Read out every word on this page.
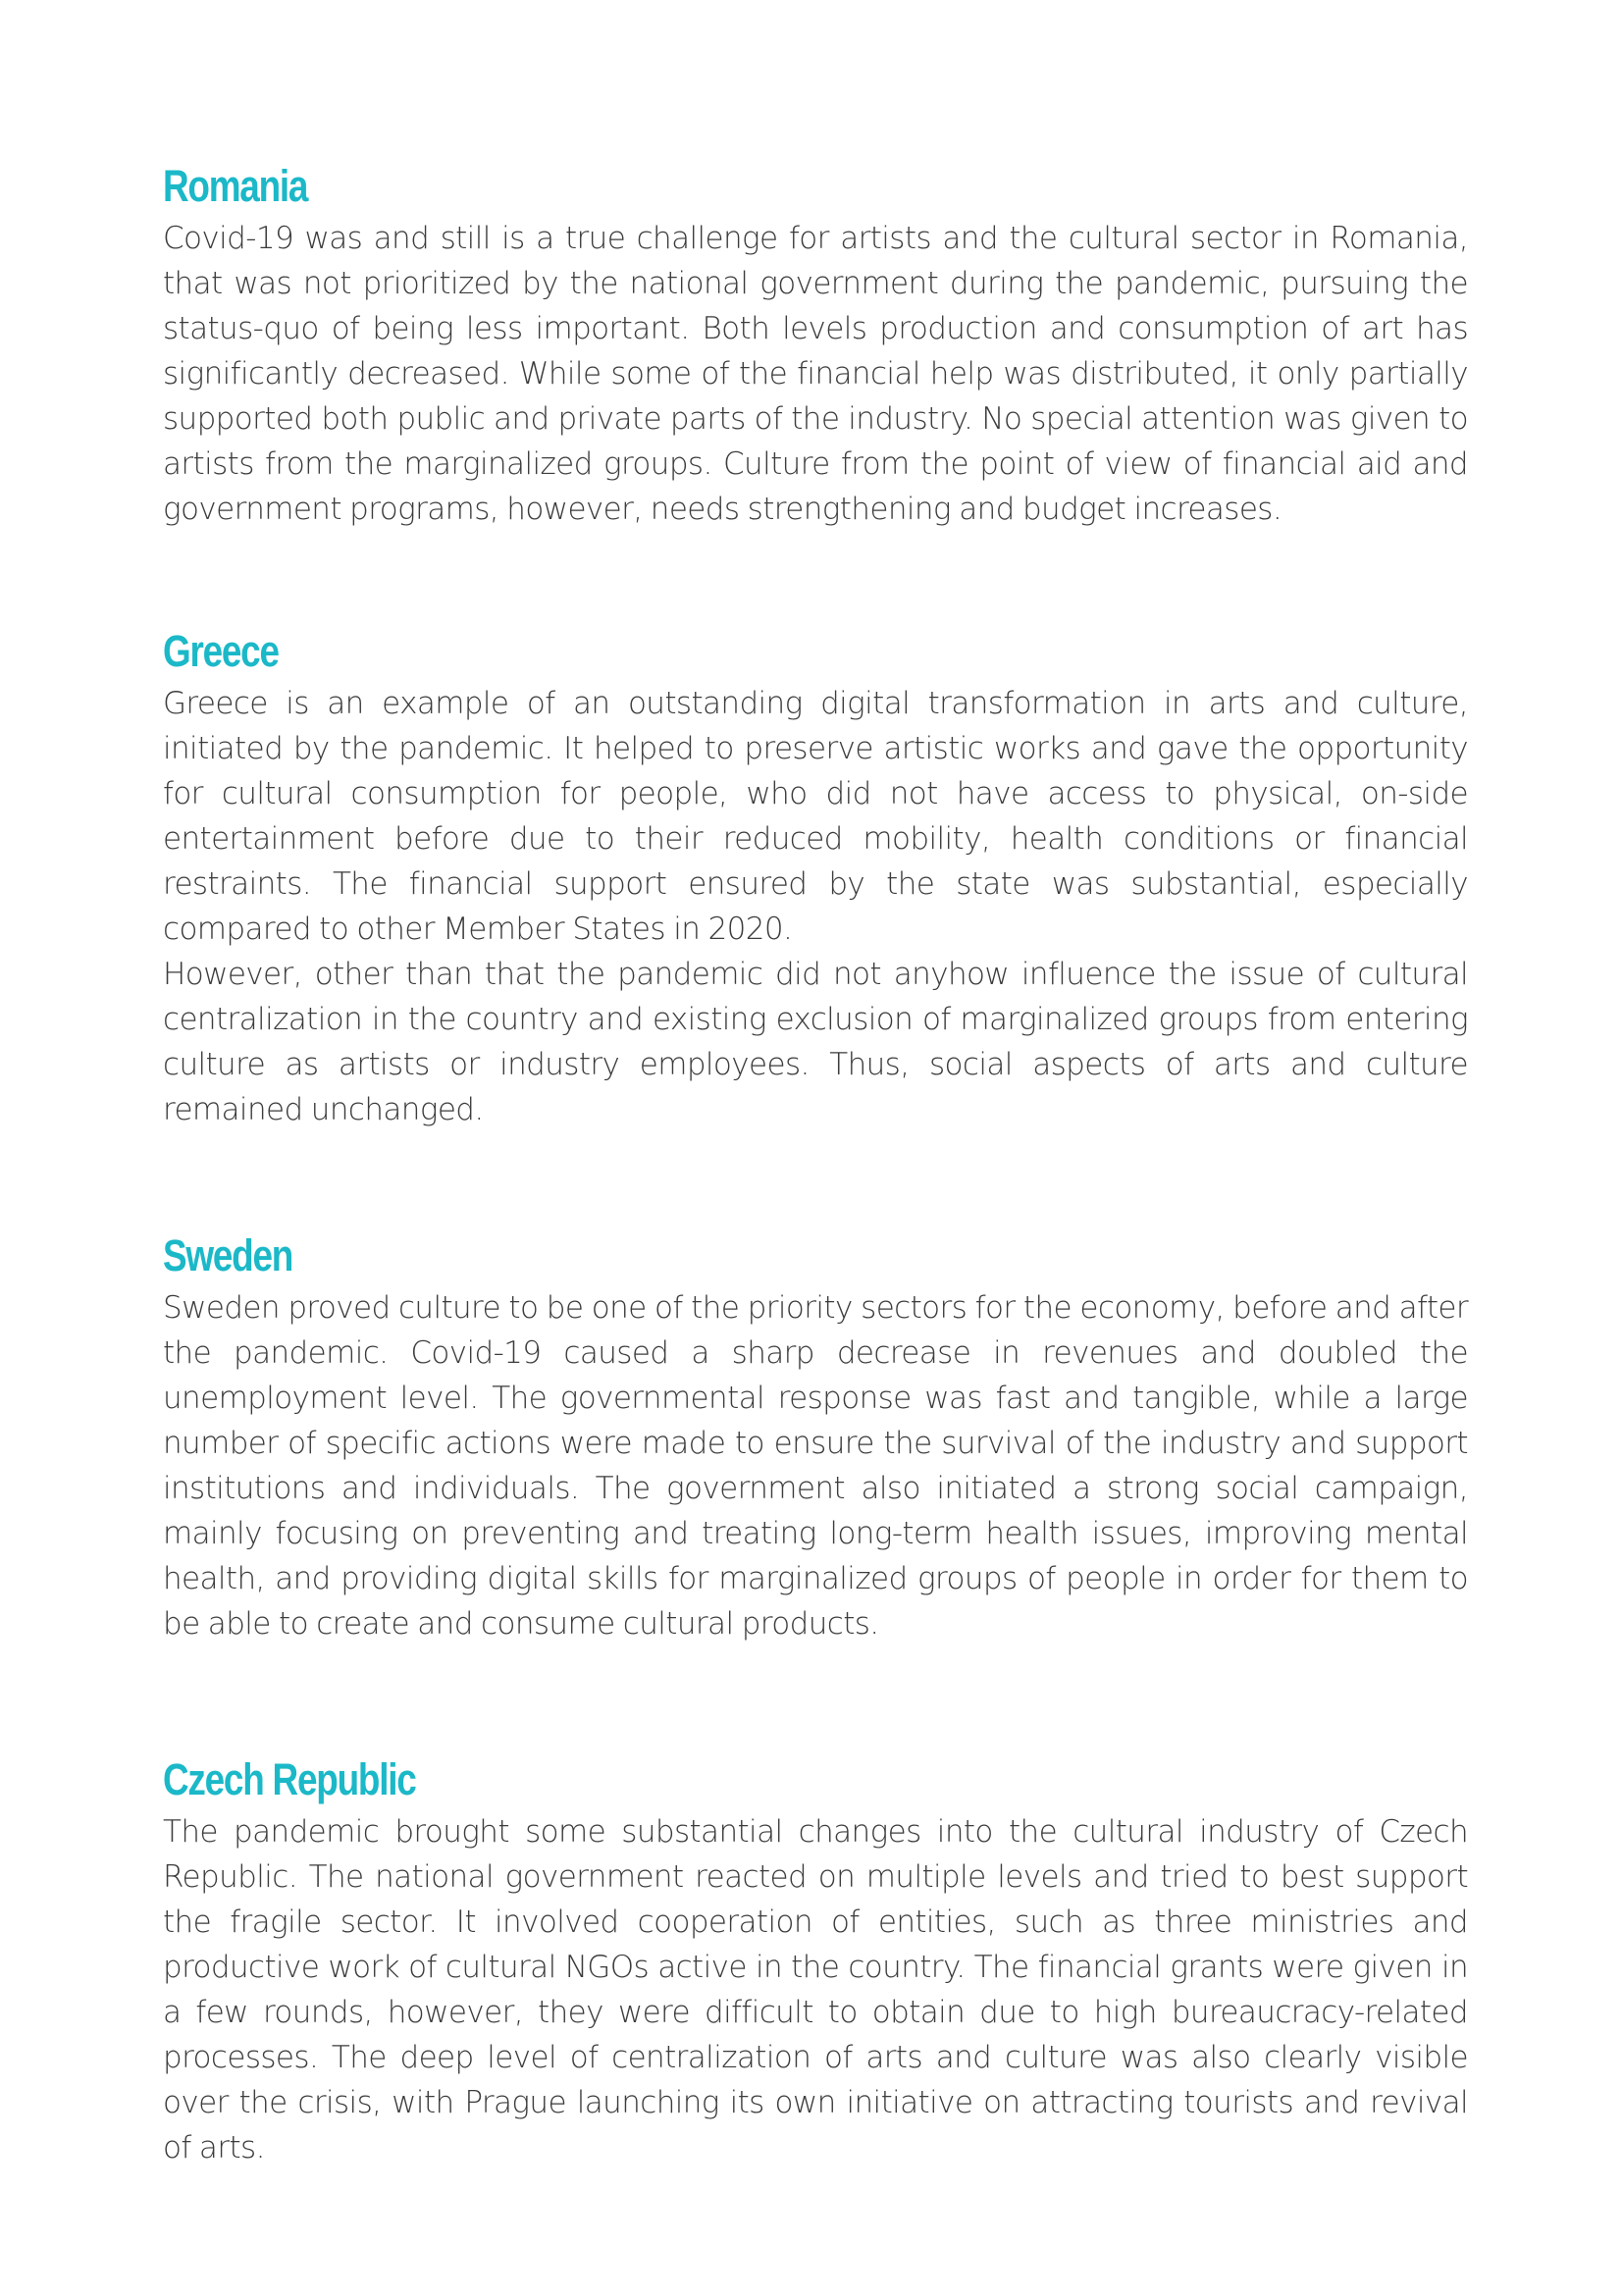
Romania

Covid-19 was and still is a true challenge for artists and the cultural sector in Romania, that was not prioritized by the national government during the pandemic, pursuing the status-quo of being less important. Both levels production and consumption of art has significantly decreased. While some of the financial help was distributed, it only partially supported both public and private parts of the industry. No special attention was given to artists from the marginalized groups. Culture from the point of view of financial aid and government programs, however, needs strengthening and budget increases.

Greece

Greece is an example of an outstanding digital transformation in arts and culture, initiated by the pandemic. It helped to preserve artistic works and gave the opportunity for cultural consumption for people, who did not have access to physical, on-side entertainment before due to their reduced mobility, health conditions or financial restraints. The financial support ensured by the state was substantial, especially compared to other Member States in 2020.

However, other than that the pandemic did not anyhow influence the issue of cultural centralization in the country and existing exclusion of marginalized groups from entering culture as artists or industry employees. Thus, social aspects of arts and culture remained unchanged.

Sweden

Sweden proved culture to be one of the priority sectors for the economy, before and after the pandemic. Covid-19 caused a sharp decrease in revenues and doubled the unemployment level. The governmental response was fast and tangible, while a large number of specific actions were made to ensure the survival of the industry and support institutions and individuals. The government also initiated a strong social campaign, mainly focusing on preventing and treating long-term health issues, improving mental health, and providing digital skills for marginalized groups of people in order for them to be able to create and consume cultural products.

Czech Republic

The pandemic brought some substantial changes into the cultural industry of Czech Republic. The national government reacted on multiple levels and tried to best support the fragile sector. It involved cooperation of entities, such as three ministries and productive work of cultural NGOs active in the country. The financial grants were given in a few rounds, however, they were difficult to obtain due to high bureaucracy-related processes. The deep level of centralization of arts and culture was also clearly visible over the crisis, with Prague launching its own initiative on attracting tourists and revival of arts.
